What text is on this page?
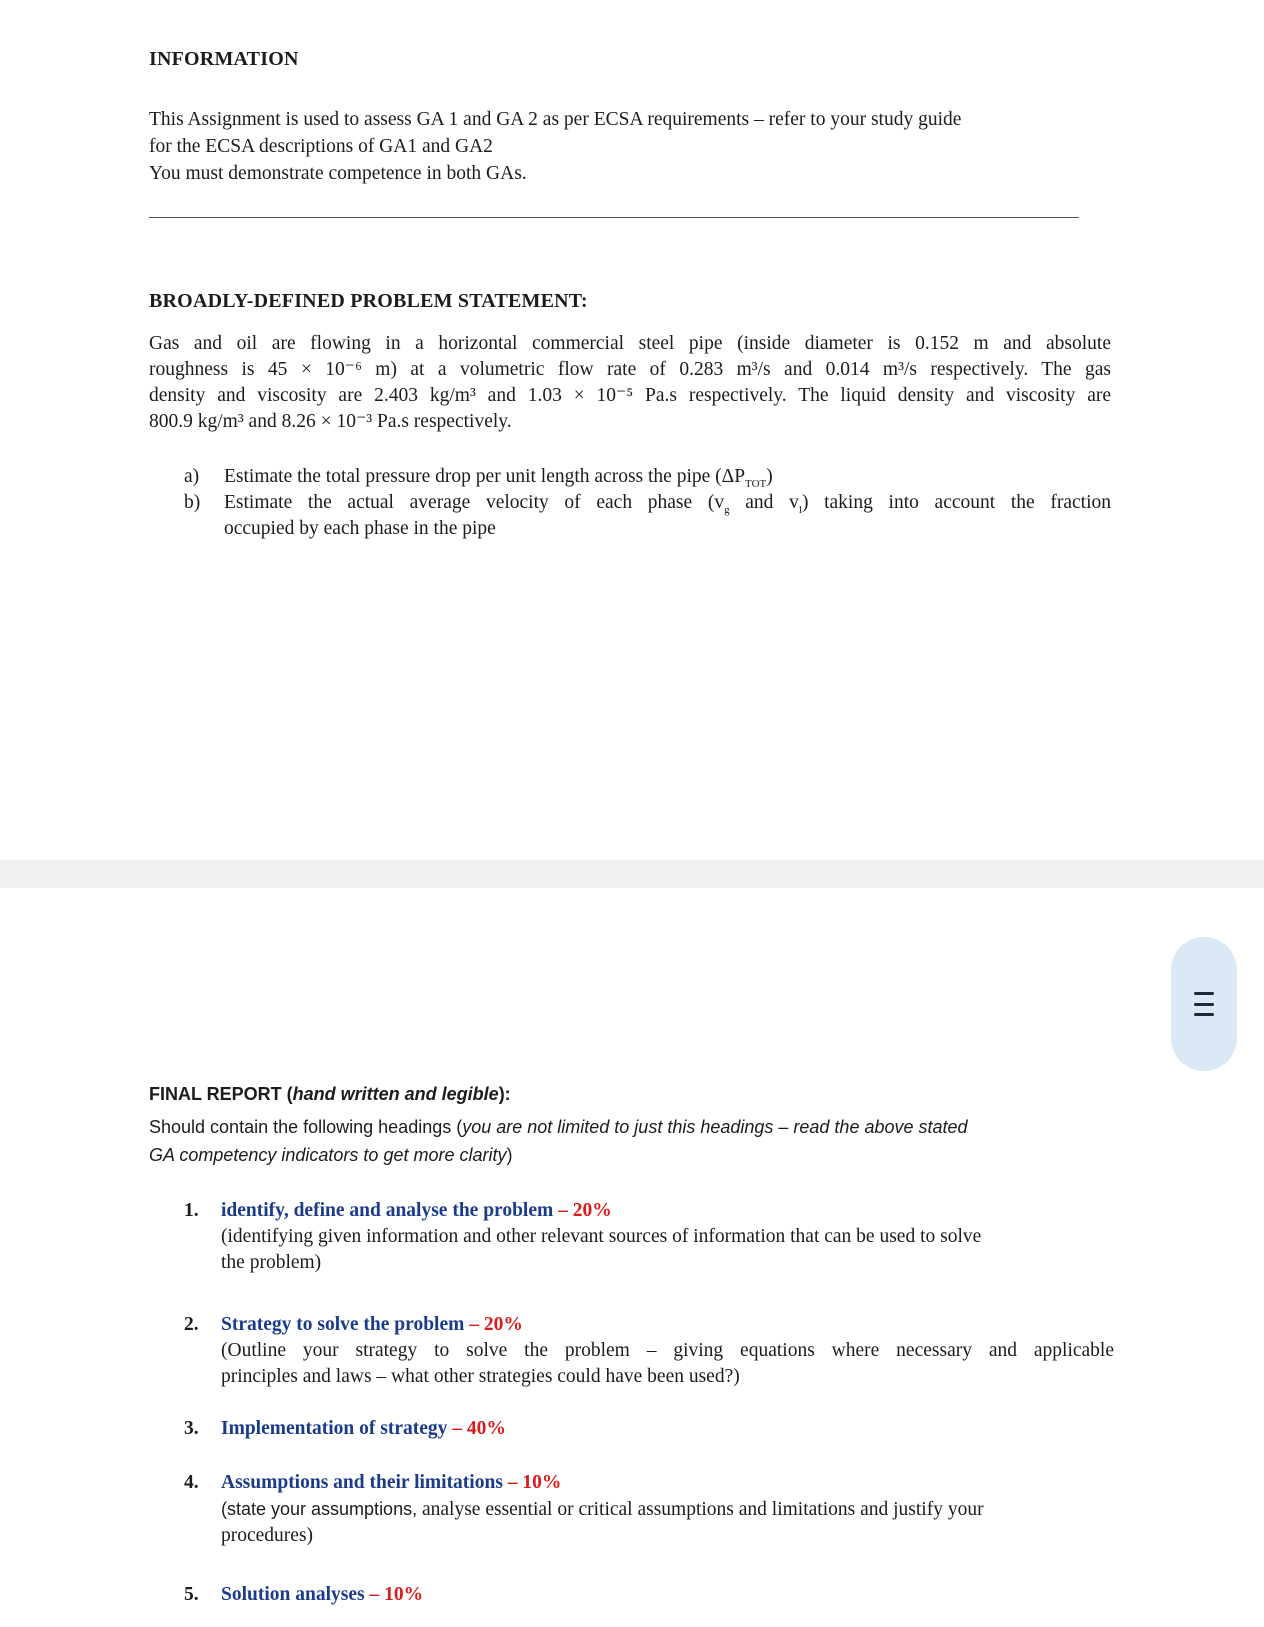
INFORMATION
This Assignment is used to assess GA 1 and GA 2 as per ECSA requirements – refer to your study guide
for the ECSA descriptions of GA1 and GA2
You must demonstrate competence in both GAs.
BROADLY-DEFINED PROBLEM STATEMENT:
Gas and oil are flowing in a horizontal commercial steel pipe (inside diameter is 0.152 m and absolute
roughness is 45 × 10⁻⁶ m) at a volumetric flow rate of 0.283 m³/s and 0.014 m³/s respectively. The gas
density and viscosity are 2.403 kg/m³ and 1.03 × 10⁻⁵ Pa.s respectively. The liquid density and viscosity are
800.9 kg/m³ and 8.26 × 10⁻³ Pa.s respectively.
a)	Estimate the total pressure drop per unit length across the pipe $(\Delta P_{TOT})$
b)	Estimate the actual average velocity of each phase ($v_g$ and $v_l$) taking into account the fraction
occupied by each phase in the pipe
FINAL REPORT (hand written and legible):
Should contain the following headings (you are not limited to just this headings – read the above stated
GA competency indicators to get more clarity)
1.	identify, define and analyse the problem – 20%
(identifying given information and other relevant sources of information that can be used to solve
the problem)
2.	Strategy to solve the problem – 20%
(Outline your strategy to solve the problem – giving equations where necessary and applicable
principles and laws – what other strategies could have been used?)
3.	Implementation of strategy – 40%
4.	Assumptions and their limitations – 10%
(state your assumptions, analyse essential or critical assumptions and limitations and justify your
procedures)
5.	Solution analyses – 10%
